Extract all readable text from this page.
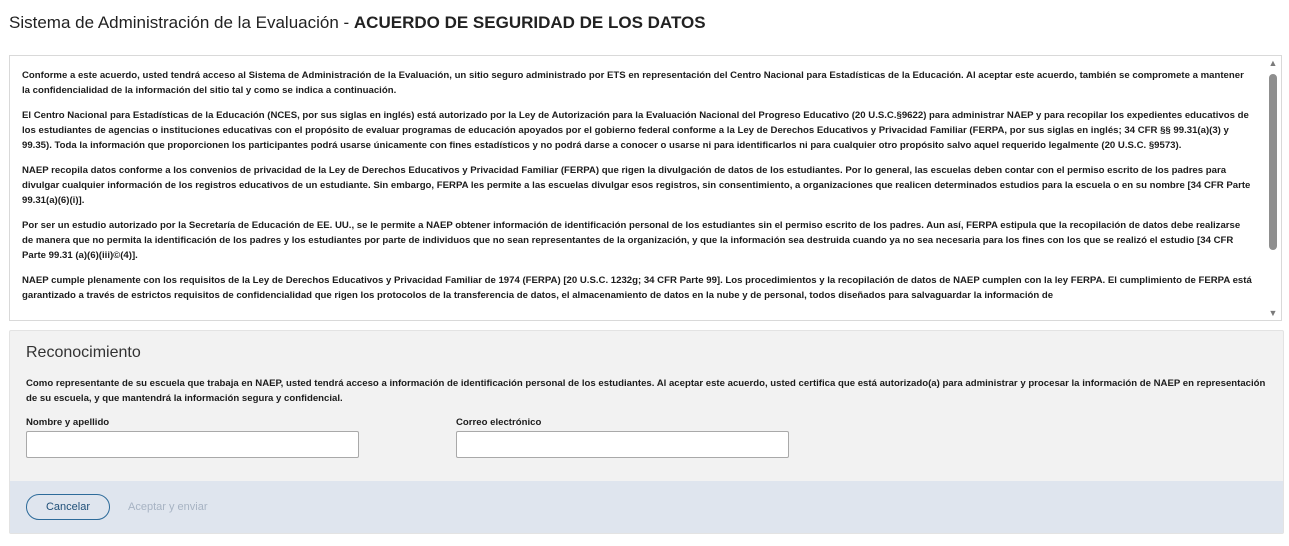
Sistema de Administración de la Evaluación - ACUERDO DE SEGURIDAD DE LOS DATOS

Conforme a este acuerdo, usted tendrá acceso al Sistema de Administración de la Evaluación, un sitio seguro administrado por ETS en representación del Centro Nacional para Estadísticas de la Educación. Al aceptar este acuerdo, también se compromete a mantener la confidencialidad de la información del sitio tal y como se indica a continuación.

El Centro Nacional para Estadísticas de la Educación (NCES, por sus siglas en inglés) está autorizado por la Ley de Autorización para la Evaluación Nacional del Progreso Educativo (20 U.S.C.§9622) para administrar NAEP y para recopilar los expedientes educativos de los estudiantes de agencias o instituciones educativas con el propósito de evaluar programas de educación apoyados por el gobierno federal conforme a la Ley de Derechos Educativos y Privacidad Familiar (FERPA, por sus siglas en inglés; 34 CFR §§ 99.31(a)(3) y 99.35). Toda la información que proporcionen los participantes podrá usarse únicamente con fines estadísticos y no podrá darse a conocer o usarse ni para identificarlos ni para cualquier otro propósito salvo aquel requerido legalmente (20 U.S.C. §9573).

NAEP recopila datos conforme a los convenios de privacidad de la Ley de Derechos Educativos y Privacidad Familiar (FERPA) que rigen la divulgación de datos de los estudiantes. Por lo general, las escuelas deben contar con el permiso escrito de los padres para divulgar cualquier información de los registros educativos de un estudiante. Sin embargo, FERPA les permite a las escuelas divulgar esos registros, sin consentimiento, a organizaciones que realicen determinados estudios para la escuela o en su nombre [34 CFR Parte 99.31(a)(6)(i)].

Por ser un estudio autorizado por la Secretaría de Educación de EE. UU., se le permite a NAEP obtener información de identificación personal de los estudiantes sin el permiso escrito de los padres. Aun así, FERPA estipula que la recopilación de datos debe realizarse de manera que no permita la identificación de los padres y los estudiantes por parte de individuos que no sean representantes de la organización, y que la información sea destruida cuando ya no sea necesaria para los fines con los que se realizó el estudio [34 CFR Parte 99.31 (a)(6)(iii)©(4)].

NAEP cumple plenamente con los requisitos de la Ley de Derechos Educativos y Privacidad Familiar de 1974 (FERPA) [20 U.S.C. 1232g; 34 CFR Parte 99]. Los procedimientos y la recopilación de datos de NAEP cumplen con la ley FERPA. El cumplimiento de FERPA está garantizado a través de estrictos requisitos de confidencialidad que rigen los protocolos de la transferencia de datos, el almacenamiento de datos en la nube y de personal, todos diseñados para salvaguardar la información de

▲
▼
Reconocimiento

Como representante de su escuela que trabaja en NAEP, usted tendrá acceso a información de identificación personal de los estudiantes. Al aceptar este acuerdo, usted certifica que está autorizado(a) para administrar y procesar la información de NAEP en representación de su escuela, y que mantendrá la información segura y confidencial.

Nombre y apellido	Correo electrónico
Cancelar	Aceptar y enviar
